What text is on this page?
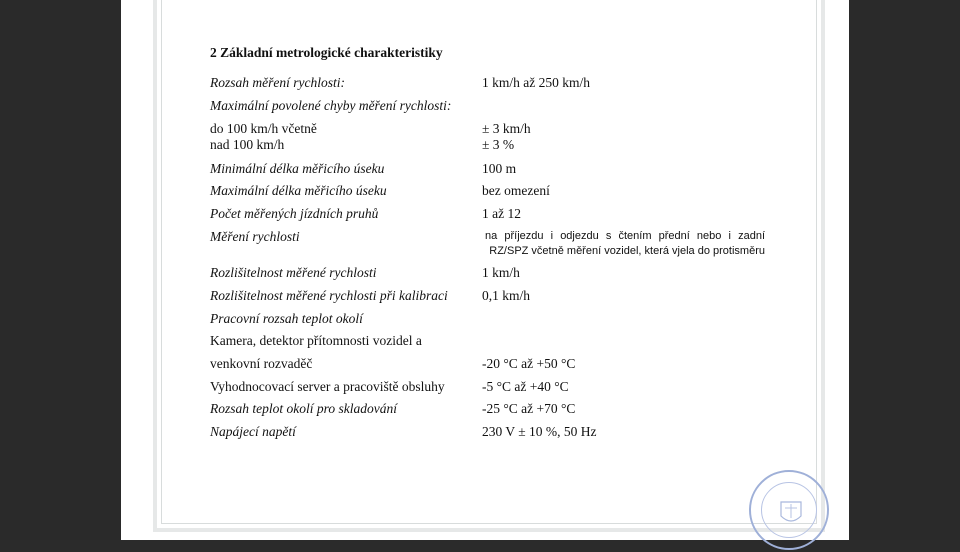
2 Základní metrologické charakteristiky
Rozsah měření rychlosti:	1 km/h až 250 km/h
Maximální povolené chyby měření rychlosti:
do 100 km/h včetně	± 3 km/h
nad 100 km/h	± 3 %
Minimální délka měřicího úseku	100 m
Maximální délka měřicího úseku	bez omezení
Počet měřených jízdních pruhů	1 až 12
Měření rychlosti	na příjezdu i odjezdu s čtením přední nebo i zadní
RZ/SPZ včetně měření vozidel, která vjela do protisměru
Rozlišitelnost měřené rychlosti	1 km/h
Rozlišitelnost měřené rychlosti při kalibraci	0,1 km/h
Pracovní rozsah teplot okolí
Kamera, detektor přítomnosti vozidel a
venkovní rozvaděč	-20 °C až +50 °C
Vyhodnocovací server a pracoviště obsluhy	-5 °C až +40 °C
Rozsah teplot okolí pro skladování	-25 °C až +70 °C
Napájecí napětí	230 V ± 10 %, 50 Hz
